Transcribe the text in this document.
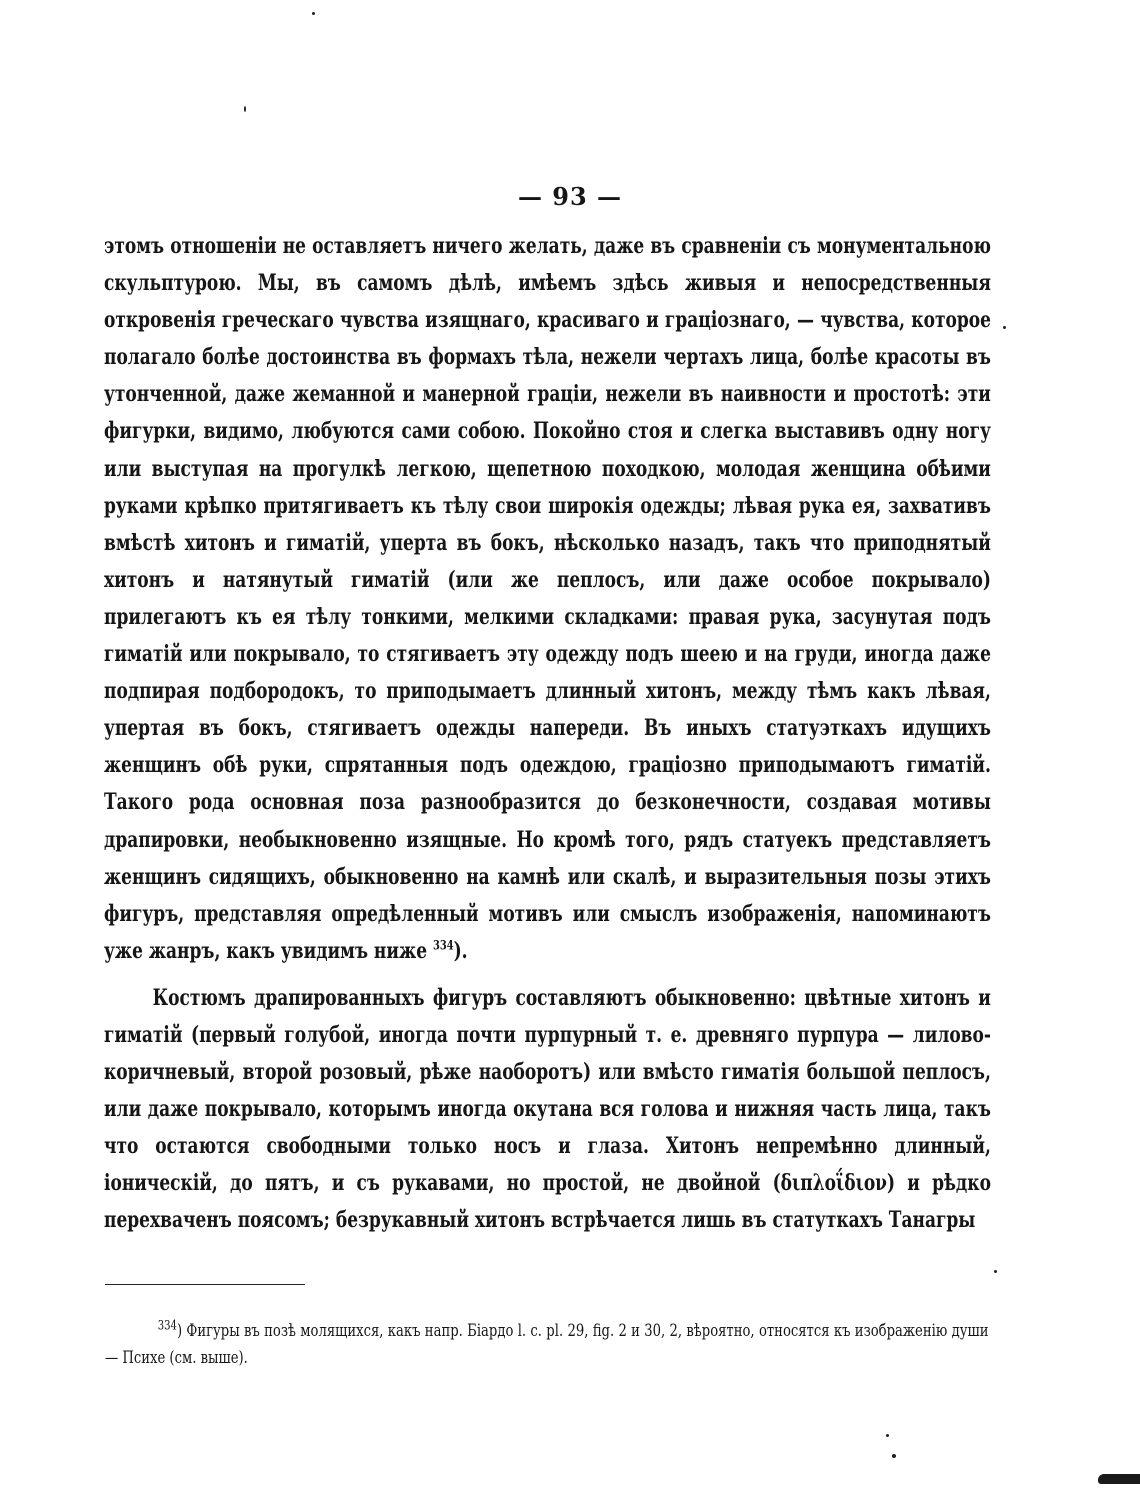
— 93 —

этомъ отношеніи не оставляетъ ничего желать, даже въ сравненіи съ монументальною скульптурою. Мы, въ самомъ дѣлѣ, имѣемъ здѣсь живыя и непосредственныя откровенія греческаго чувства изящнаго, красиваго и граціознаго, — чувства, которое полагало болѣе достоинства въ формахъ тѣла, нежели чертахъ лица, болѣе красоты въ утонченной, даже жеманной и манерной граціи, нежели въ наивности и простотѣ: эти фигурки, видимо, любуются сами собою. Покойно стоя и слегка выставивъ одну ногу или выступая на прогулкѣ легкою, щепетною походкою, молодая женщина обѣими руками крѣпко притягиваетъ къ тѣлу свои широкія одежды; лѣвая рука ея, захвативъ вмѣстѣ хитонъ и гиматій, уперта въ бокъ, нѣсколько назадъ, такъ что приподнятый хитонъ и натянутый гиматій (или же пеплосъ, или даже особое покрывало) прилегаютъ къ ея тѣлу тонкими, мелкими складками: правая рука, засунутая подъ гиматій или покрывало, то стягиваетъ эту одежду подъ шеею и на груди, иногда даже подпирая подбородокъ, то приподымаетъ длинный хитонъ, между тѣмъ какъ лѣвая, упертая въ бокъ, стягиваетъ одежды напереди. Въ иныхъ статуэткахъ идущихъ женщинъ обѣ руки, спрятанныя подъ одеждою, граціозно приподымаютъ гиматій. Такого рода основная поза разнообразится до безконечности, создавая мотивы драпировки, необыкновенно изящные. Но кромѣ того, рядъ статуекъ представляетъ женщинъ сидящихъ, обыкновенно на камнѣ или скалѣ, и выразительныя позы этихъ фигуръ, представляя опредѣленный мотивъ или смыслъ изображенія, напоминаютъ уже жанръ, какъ увидимъ ниже $^{334}$).

Костюмъ драпированныхъ фигуръ составляютъ обыкновенно: цвѣтные хитонъ и гиматій (первый голубой, иногда почти пурпурный т. е. древняго пурпура — лилово-коричневый, второй розовый, рѣже наоборотъ) или вмѣсто гиматія большой пеплосъ, или даже покрывало, которымъ иногда окутана вся голова и нижняя часть лица, такъ что остаются свободными только носъ и глаза. Хитонъ непремѣнно длинный, іоническій, до пятъ, и съ рукавами, но простой, не двойной (διπλοΐδιον) и рѣдко перехваченъ поясомъ; безрукавный хитонъ встрѣчается лишь въ статуткахъ Танагры

$^{334}$) Фигуры въ позѣ молящихся, какъ напр. Біардо l. c. pl. 29, fig. 2 и 30, 2, вѣроятно, относятся къ изображенію души — Психе (см. выше).
